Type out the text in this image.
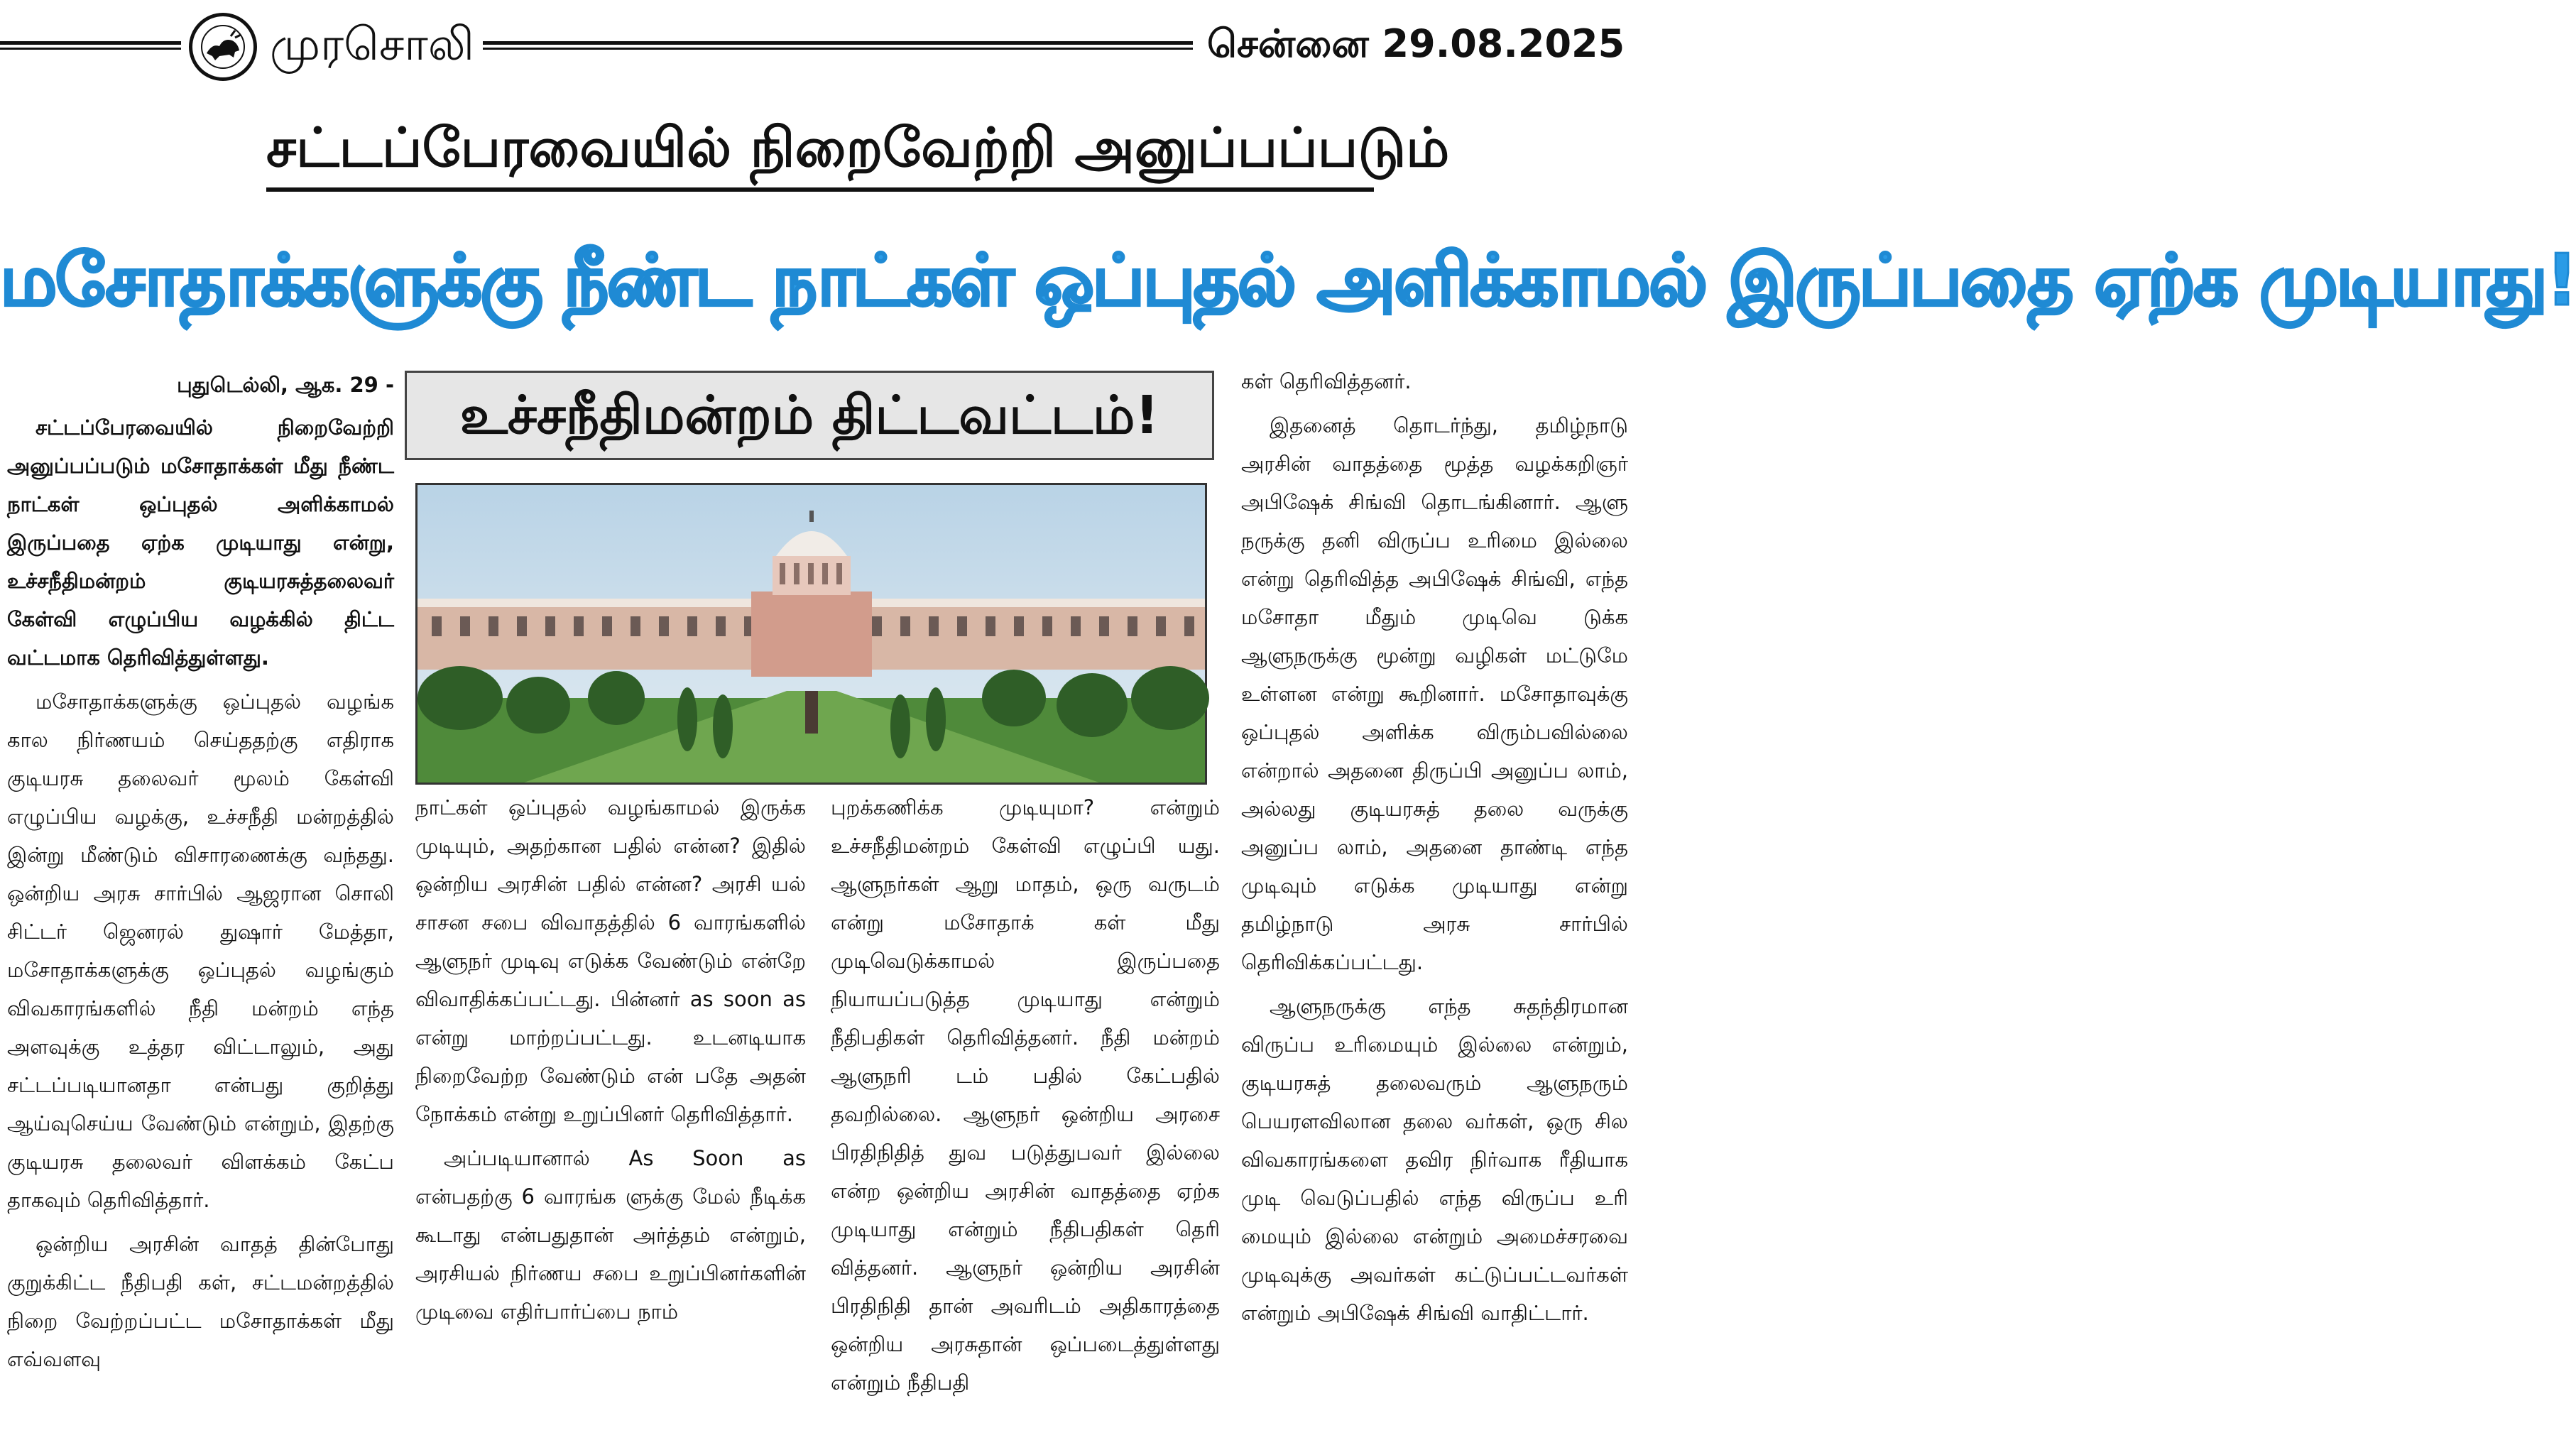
முரசொலி	சென்னை 29.08.2025
சட்டப்பேரவையில் நிறைவேற்றி அனுப்பப்படும்
மசோதாக்களுக்கு நீண்ட நாட்கள் ஒப்புதல் அளிக்காமல் இருப்பதை ஏற்க முடியாது!
புதுடெல்லி, ஆக. 29 -

சட்டப்பேரவையில் நிறைவேற்றி அனுப்பப்படும் மசோதாக்கள் மீது நீண்ட நாட்கள் ஒப்புதல் அளிக்காமல் இருப்பதை ஏற்க முடியாது என்று, உச்சநீதிமன்றம் குடியரசுத்தலைவர் கேள்வி எழுப்பிய வழக்கில் திட்ட வட்டமாக தெரிவித்துள்ளது.

மசோதாக்களுக்கு ஒப்புதல் வழங்க கால நிர்ணயம் செய்ததற்கு எதிராக குடியரசு தலைவர் மூலம் கேள்வி எழுப்பிய வழக்கு, உச்சநீதி மன்றத்தில் இன்று மீண்டும் விசாரணைக்கு வந்தது. ஒன்றிய அரசு சார்பில் ஆஜரான சொலி சிட்டர் ஜெனரல் துஷார் மேத்தா, மசோதாக்களுக்கு ஒப்புதல் வழங்கும் விவகாரங்களில் நீதி மன்றம் எந்த அளவுக்கு உத்தர விட்டாலும், அது சட்டப்படியானதா என்பது குறித்து ஆய்வுசெய்ய வேண்டும் என்றும், இதற்கு குடியரசு தலைவர் விளக்கம் கேட்ப தாகவும் தெரிவித்தார்.

ஒன்றிய அரசின் வாதத் தின்போது குறுக்கிட்ட நீதிபதி கள், சட்டமன்றத்தில் நிறை வேற்றப்பட்ட மசோதாக்கள் மீது எவ்வளவு

உச்சநீதிமன்றம் திட்டவட்டம்!

நாட்கள் ஒப்புதல் வழங்காமல் இருக்க முடியும், அதற்கான பதில் என்ன? இதில் ஒன்றிய அரசின் பதில் என்ன? அரசி யல் சாசன சபை விவாதத்தில் 6 வாரங்களில் ஆளுநர் முடிவு எடுக்க வேண்டும் என்றே விவாதிக்கப்பட்டது. பின்னர் as soon as என்று மாற்றப்பட்டது. உடனடியாக நிறைவேற்ற வேண்டும் என் பதே அதன் நோக்கம் என்று உறுப்பினர் தெரிவித்தார்.

அப்படியானால் As Soon as என்பதற்கு 6 வாரங்க ளுக்கு மேல் நீடிக்க கூடாது என்பதுதான் அர்த்தம் என்றும், அரசியல் நிர்ணய சபை உறுப்பினர்களின் முடிவை எதிர்பார்ப்பை நாம்

புறக்கணிக்க முடியுமா? என்றும் உச்சநீதிமன்றம் கேள்வி எழுப்பி யது. ஆளுநர்கள் ஆறு மாதம், ஒரு வருடம் என்று மசோதாக் கள் மீது முடிவெடுக்காமல் இருப்பதை நியாயப்படுத்த முடியாது என்றும் நீதிபதிகள் தெரிவித்தனர். நீதி மன்றம் ஆளுநரி டம் பதில் கேட்பதில் தவறில்லை. ஆளுநர் ஒன்றிய அரசை பிரதிநிதித் துவ படுத்துபவர் இல்லை என்ற ஒன்றிய அரசின் வாதத்தை ஏற்க முடியாது என்றும் நீதிபதிகள் தெரி வித்தனர். ஆளுநர் ஒன்றிய அரசின் பிரதிநிதி தான் அவரிடம் அதிகாரத்தை ஒன்றிய அரசுதான் ஒப்படைத்துள்ளது என்றும் நீதிபதி

கள் தெரிவித்தனர்.

இதனைத் தொடர்ந்து, தமிழ்நாடு அரசின் வாதத்தை மூத்த வழக்கறிஞர் அபிஷேக் சிங்வி தொடங்கினார். ஆளு நருக்கு தனி விருப்ப உரிமை இல்லை என்று தெரிவித்த அபிஷேக் சிங்வி, எந்த மசோதா மீதும் முடிவெ டுக்க ஆளுநருக்கு மூன்று வழிகள் மட்டுமே உள்ளன என்று கூறினார். மசோதாவுக்கு ஒப்புதல் அளிக்க விரும்பவில்லை என்றால் அதனை திருப்பி அனுப்ப லாம், அல்லது குடியரசுத் தலை வருக்கு அனுப்ப லாம், அதனை தாண்டி எந்த முடிவும் எடுக்க முடியாது என்று தமிழ்நாடு அரசு சார்பில் தெரிவிக்கப்பட்டது.

ஆளுநருக்கு எந்த சுதந்திரமான விருப்ப உரிமையும் இல்லை என்றும், குடியரசுத் தலைவரும் ஆளுநரும் பெயரளவிலான தலை வர்கள், ஒரு சில விவகாரங்களை தவிர நிர்வாக ரீதியாக முடி வெடுப்பதில் எந்த விருப்ப உரி மையும் இல்லை என்றும் அமைச்சரவை முடிவுக்கு அவர்கள் கட்டுப்பட்டவர்கள் என்றும் அபிஷேக் சிங்வி வாதிட்டார்.
